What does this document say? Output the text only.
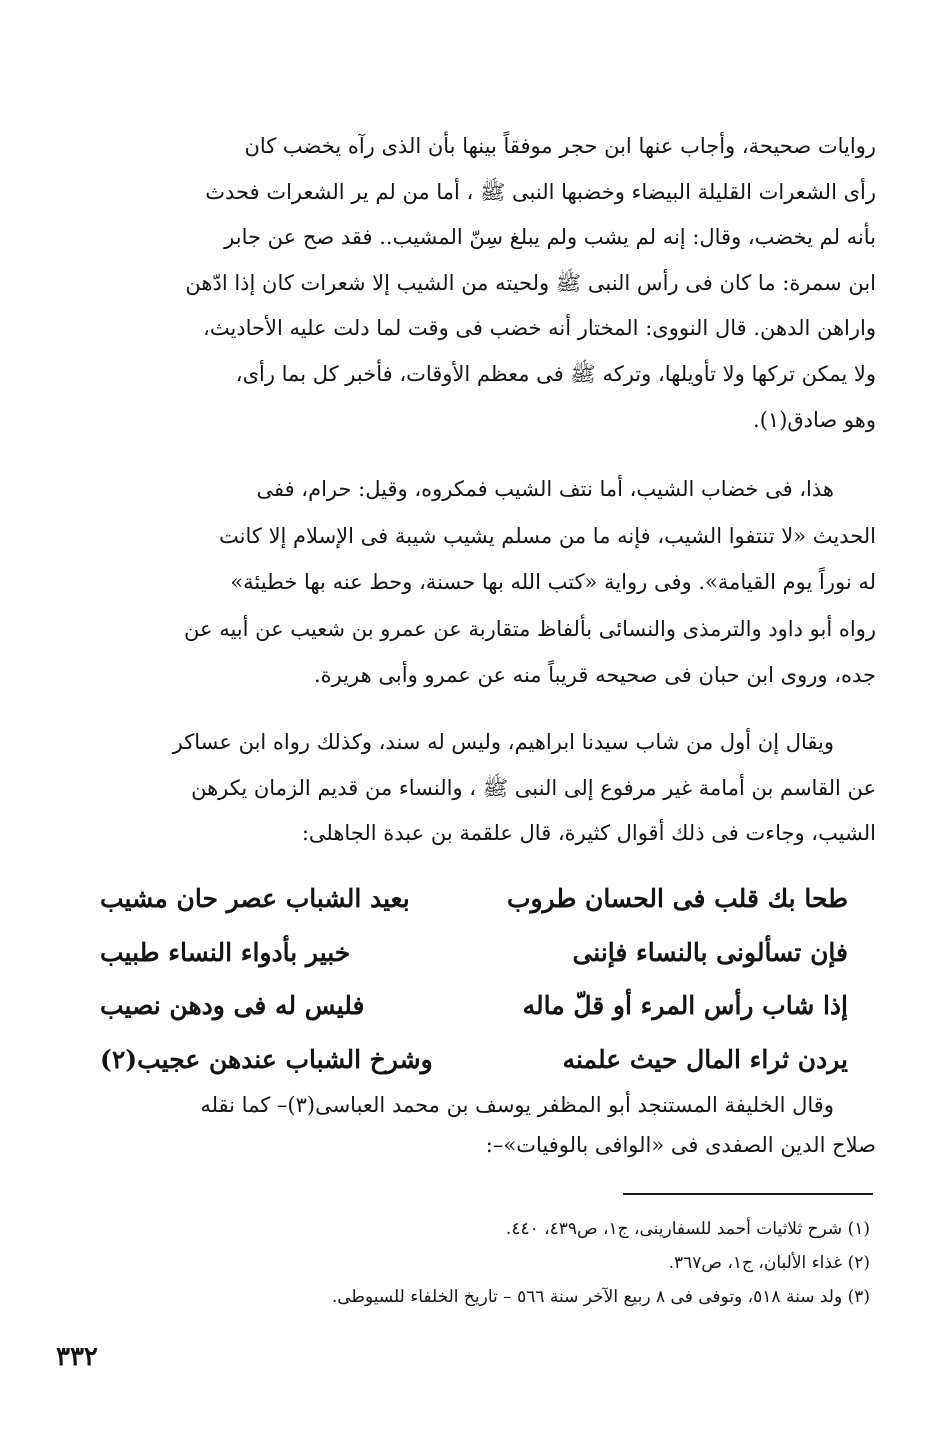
روايات صحيحة، وأجاب عنها ابن حجر موفقاً بينها بأن الذى رآه يخضب كان
رأى الشعرات القليلة البيضاء وخضبها النبى ﷺ ، أما من لم ير الشعرات فحدث
بأنه لم يخضب، وقال: إنه لم يشب ولم يبلغ سِنّ المشيب.. فقد صح عن جابر
ابن سمرة: ما كان فى رأس النبى ﷺ ولحيته من الشيب إلا شعرات كان إذا ادّهن
واراهن الدهن. قال النووى: المختار أنه خضب فى وقت لما دلت عليه الأحاديث،
ولا يمكن تركها ولا تأويلها، وتركه ﷺ فى معظم الأوقات، فأخبر كل بما رأى،
وهو صادق(١).
هذا، فى خضاب الشيب، أما نتف الشيب فمكروه، وقيل: حرام، ففى
الحديث «لا تنتفوا الشيب، فإنه ما من مسلم يشيب شيبة فى الإسلام إلا كانت
له نوراً يوم القيامة». وفى رواية «كتب الله بها حسنة، وحط عنه بها خطيئة»
رواه أبو داود والترمذى والنسائى بألفاظ متقاربة عن عمرو بن شعيب عن أبيه عن
جده، وروى ابن حبان فى صحيحه قريباً منه عن عمرو وأبى هريرة.
ويقال إن أول من شاب سيدنا ابراهيم، وليس له سند، وكذلك رواه ابن عساكر
عن القاسم بن أمامة غير مرفوع إلى النبى ﷺ ، والنساء من قديم الزمان يكرهن
الشيب، وجاءت فى ذلك أقوال كثيرة، قال علقمة بن عبدة الجاهلى:
طحا بك قلب فى الحسان طروب
بعيد الشباب عصر حان مشيب
فإن تسألونى بالنساء فإننى
خبير بأدواء النساء طبيب
إذا شاب رأس المرء أو قلّ ماله
فليس له فى ودهن نصيب
يردن ثراء المال حيث علمنه
وشرخ الشباب عندهن عجيب(٢)
وقال الخليفة المستنجد أبو المظفر يوسف بن محمد العباسى(٣)– كما نقله
صلاح الدين الصفدى فى «الوافى بالوفيات»–:
(١) شرح ثلاثيات أحمد للسفارينى، ج١، ص٤٣٩، ٤٤٠.
(٢) غذاء الألبان، ج١، ص٣٦٧.
(٣) ولد سنة ٥١٨، وتوفى فى ٨ ربيع الآخر سنة ٥٦٦ – تاريخ الخلفاء للسيوطى.
٣٣٢
